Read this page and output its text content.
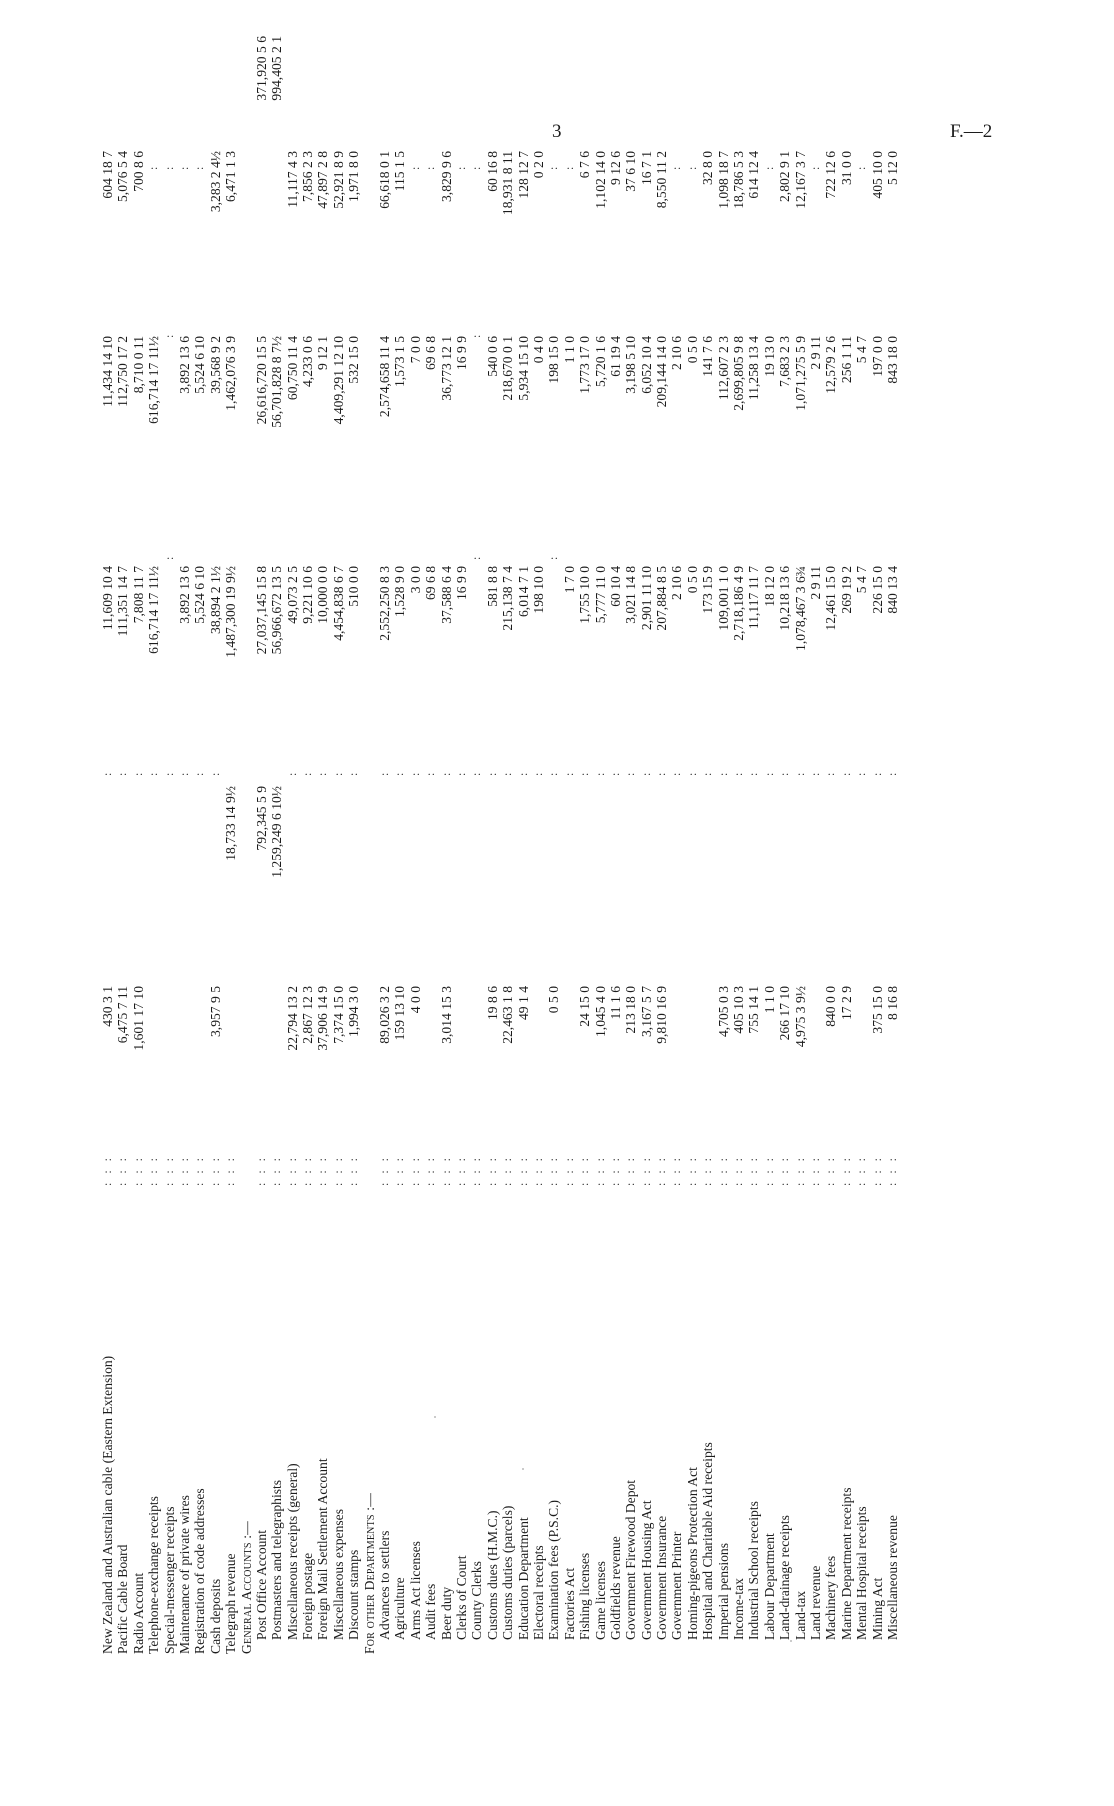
3	F.—2
New Zealand and Australian cable (Eastern Extension)
: : :
:
430 3 1
11,609 10 4
11,434 14 10
604 18 7
Pacific Cable Board
: : :
:
6,475 7 11
111,351 14 7
112,750 17 2
5,076 5 4
Radio Account
: : :
:
1,601 17 10
7,808 11 7
8,710 0 11
700 8 6
Telephone-exchange receipts
: : :
:
:
616,714 17 11½
616,714 17 11½
Special-messenger receipts
: : :
:
:
:
:
Maintenance of private wires
: : :
:
:
3,892 13 6
3,892 13 6
Registration of code addresses
: : :
:
:
5,524 6 10
5,524 6 10
Cash deposits
: : :
:
3,957 9 5
38,894 2 1½
39,568 9 2
3,283 2 4½
Telegraph revenue
: : :
18,733 14 9½
1,487,300 19 9½
1,462,076 3 9
6,471 1 3
General Accounts :— Post Office Account
: : :
792,345 5 9
27,037,145 15 8
26,616,720 15 5
371,920 5 6
Postmasters and telegraphists
: : :
1,259,249 6 10½
56,966,672 13 5
56,701,828 8 7½
994,405 2 1
Miscellaneous receipts (general)
: : :
:
22,794 13 2
49,073 2 5
60,750 11 4
11,117 4 3
Foreign postage
: : :
:
2,867 12 3
9,221 10 6
4,233 0 6
7,856 2 3
Foreign Mail Settlement Account
: : :
:
37,906 14 9
10,000 0 0
9 12 1
47,897 2 8
Miscellaneous expenses
: : :
:
7,374 15 0
4,454,838 6 7
4,409,291 12 10
52,921 8 9
Discount stamps
: : :
:
1,994 3 0
510 0 0
532 15 0
1,971 8 0
For other Departments :— Advances to settlers
: : :
:
89,026 3 2
2,552,250 8 3
2,574,658 11 4
66,618 0 1
Agriculture
: : :
:
159 13 10
1,528 9 0
1,573 1 5
115 1 5
Arms Act licenses
: : :
:
:
4 0 0
3 0 0
7 0 0
Audit fees
: : :
:
:
69 6 8
69 6 8
Beer duty
: : :
:
3,014 15 3
37,588 6 4
36,773 12 1
3,829 9 6
Clerks of Court
: : :
:
:
16 9 9
16 9 9
County Clerks
: : :
:
:
:
:
Customs dues (H.M.C.)
: : :
:
19 8 6
581 8 8
540 0 6
60 16 8
Customs duties (parcels)
: : :
:
22,463 1 8
215,138 7 4
218,670 0 1
18,931 8 11
Education Department
: : :
:
49 1 4
6,014 7 1
5,934 15 10
128 12 7
Electoral receipts
: : :
:
198 10 0
0 4 0
0 2 0
Examination fees (P.S.C.)
: : :
:
:
:
0 5 0
198 15 0
Factories Act
: : :
:
:
1 7 0
1 1 0
Fishing licenses
: : :
:
24 15 0
1,755 10 0
1,773 17 0
6 7 6
Game licenses
: : :
:
1,045 4 0
5,777 11 0
5,720 1 6
1,102 14 0
Goldfields revenue
: : :
:
11 1 6
60 10 4
61 19 4
9 12 6
Government Firewood Depot
: : :
:
213 18 0
3,021 14 8
3,198 5 10
37 6 10
Government Housing Act
: : :
:
3,167 5 7
2,901 11 10
6,052 10 4
16 7 1
Government Insurance
: : :
:
9,810 16 9
207,884 8 5
209,144 14 0
8,550 11 2
Government Printer
: : :
:
:
2 10 6
2 10 6
Homing-pigeons Protection Act
: : :
:
:
0 5 0
0 5 0
Hospital and Charitable Aid receipts
: : :
:
173 15 9
141 7 6
32 8 0
Imperial pensions
: : :
:
4,705 0 3
109,001 1 0
112,607 2 3
1,098 18 7
Income-tax
: : :
:
405 10 3
2,718,186 4 9
2,699,805 9 8
18,786 5 3
Industrial School receipts
: : :
:
755 14 1
11,117 11 7
11,258 13 4
614 12 4
Labour Department
: : :
:
:
1 1 0
18 12 0
19 13 0
Land-drainage receipts
: : :
:
266 17 10
10,218 13 6
7,683 2 3
2,802 9 1
Land-tax
: : :
:
4,975 3 9½
1,078,467 3 6¾
1,071,275 5 9
12,167 3 7
Land revenue
: : :
:
:
2 9 11
2 9 11
Machinery fees
: : :
:
840 0 0
12,461 15 0
12,579 2 6
722 12 6
Marine Department receipts
: : :
:
17 2 9
269 19 2
256 1 11
31 0 0
Mental Hospital receipts
: : :
:
:
5 4 7
5 4 7
Mining Act
: : :
:
375 15 0
226 15 0
197 0 0
405 10 0
Miscellaneous revenue
: : :
:
8 16 8
840 13 4
843 18 0
5 12 0
